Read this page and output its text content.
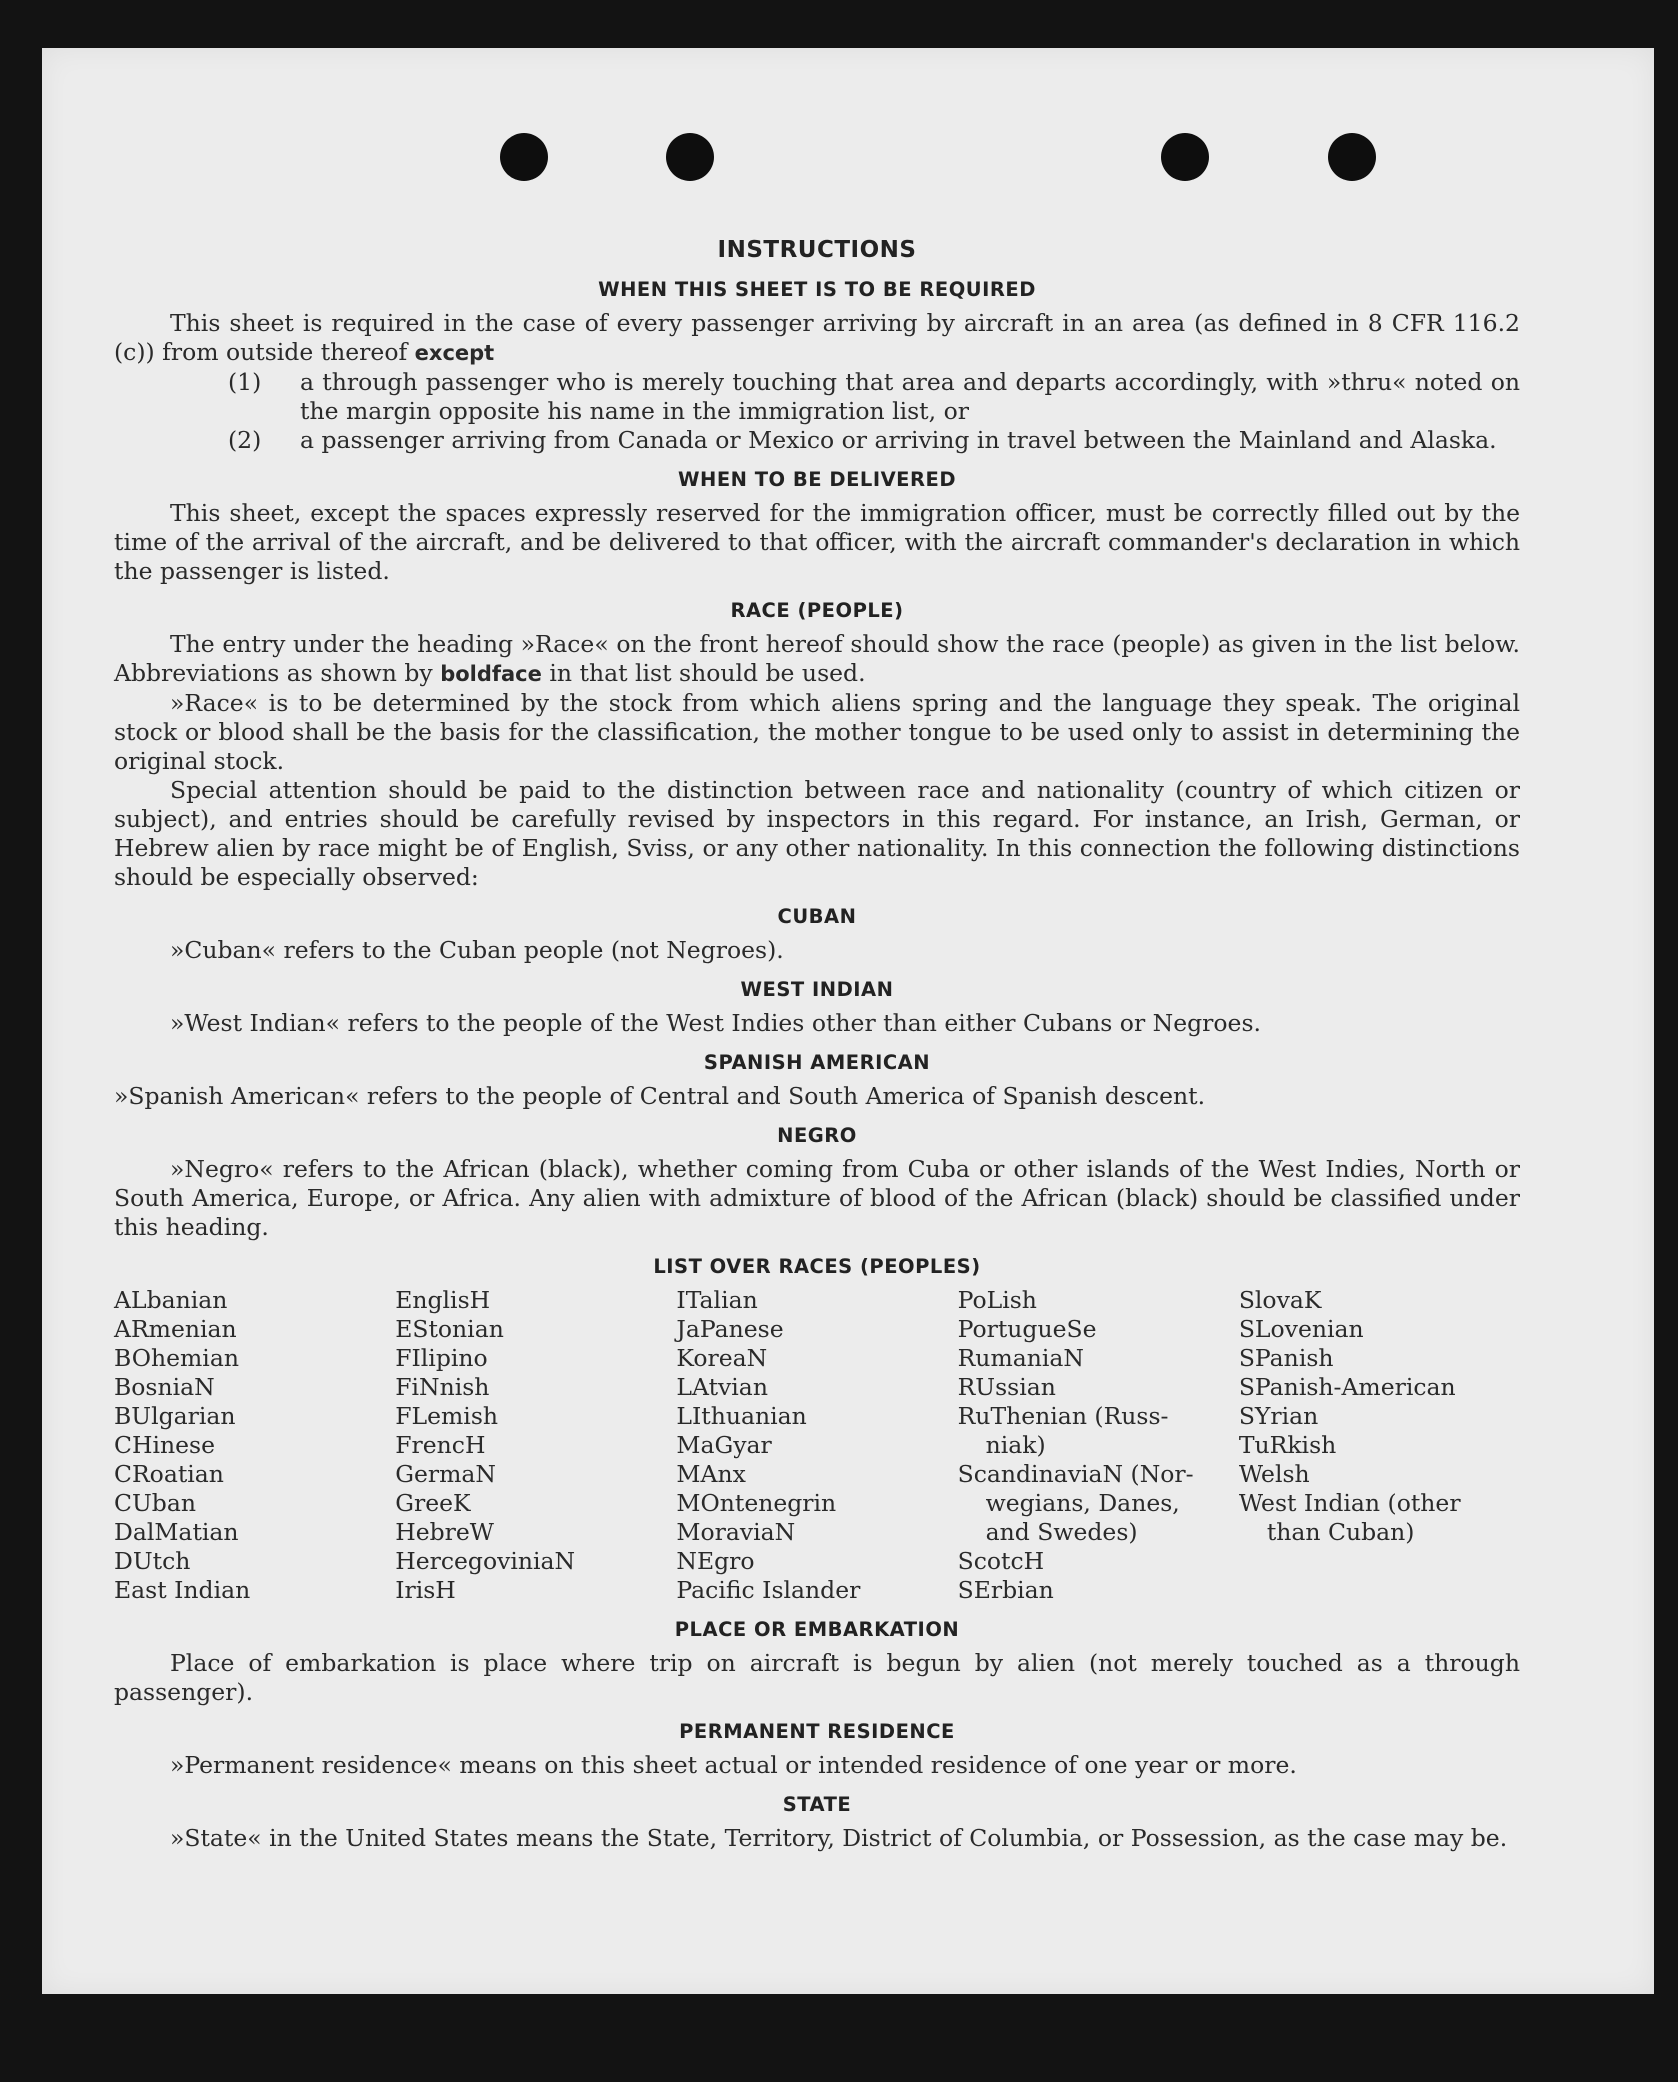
INSTRUCTIONS
WHEN THIS SHEET IS TO BE REQUIRED

This sheet is required in the case of every passenger arriving by aircraft in an area (as defined in 8 CFR 116.2 (c)) from outside thereof except

(1)	a through passenger who is merely touching that area and departs accordingly, with »thru« noted on the margin opposite his name in the immigration list, or
(2)	a passenger arriving from Canada or Mexico or arriving in travel between the Mainland and Alaska.
WHEN TO BE DELIVERED

This sheet, except the spaces expressly reserved for the immigration officer, must be correctly filled out by the time of the arrival of the aircraft, and be delivered to that officer, with the aircraft commander's declaration in which the passenger is listed.

RACE (PEOPLE)

The entry under the heading »Race« on the front hereof should show the race (people) as given in the list below. Abbreviations as shown by boldface in that list should be used.

»Race« is to be determined by the stock from which aliens spring and the language they speak. The original stock or blood shall be the basis for the classification, the mother tongue to be used only to assist in determining the original stock.

Special attention should be paid to the distinction between race and nationality (country of which citizen or subject), and entries should be carefully revised by inspectors in this regard. For instance, an Irish, German, or Hebrew alien by race might be of English, Sviss, or any other nationality. In this connection the following distinctions should be especially observed:

CUBAN

»Cuban« refers to the Cuban people (not Negroes).

WEST INDIAN

»West Indian« refers to the people of the West Indies other than either Cubans or Negroes.

SPANISH AMERICAN

»Spanish American« refers to the people of Central and South America of Spanish descent.

NEGRO

»Negro« refers to the African (black), whether coming from Cuba or other islands of the West Indies, North or South America, Europe, or Africa. Any alien with admixture of blood of the African (black) should be classified under this heading.

LIST OVER RACES (PEOPLES)
ALbanian
ARmenian
BOhemian
BosniaN
BUlgarian
CHinese
CRoatian
CUban
DalMatian
DUtch
East Indian
EnglisH
EStonian
FIlipino
FiNnish
FLemish
FrencH
GermaN
GreeK
HebreW
HercegoviniaN
IrisH
ITalian
JaPanese
KoreaN
LAtvian
LIthuanian
MaGyar
MAnx
MOntenegrin
MoraviaN
NEgro
Pacific Islander
PoLish
PortugueSe
RumaniaN
RUssian
RuThenian (Russ-
niak)
ScandinaviaN (Nor-
wegians, Danes,
and Swedes)
ScotcH
SErbian
SlovaK
SLovenian
SPanish
SPanish-American
SYrian
TuRkish
Welsh
West Indian (other
than Cuban)
PLACE OR EMBARKATION

Place of embarkation is place where trip on aircraft is begun by alien (not merely touched as a through passenger).

PERMANENT RESIDENCE

»Permanent residence« means on this sheet actual or intended residence of one year or more.

STATE

»State« in the United States means the State, Territory, District of Columbia, or Possession, as the case may be.
